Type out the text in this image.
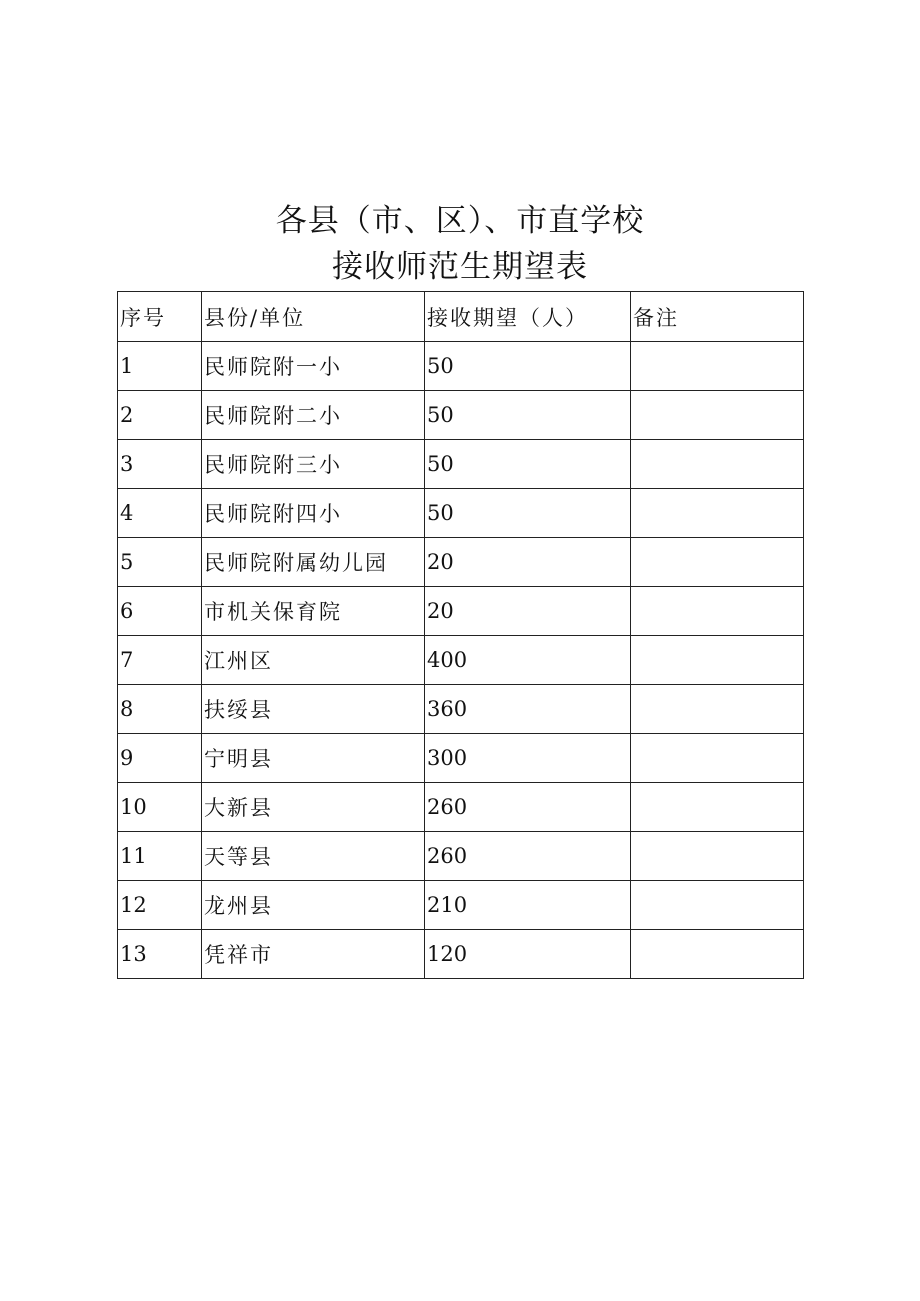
各县（市、区）、市直学校
接收师范生期望表
序号	县份/单位	接收期望（人）	备注
1	民师院附一小	50	
2	民师院附二小	50	
3	民师院附三小	50	
4	民师院附四小	50	
5	民师院附属幼儿园	20	
6	市机关保育院	20	
7	江州区	400	
8	扶绥县	360	
9	宁明县	300	
10	大新县	260	
11	天等县	260	
12	龙州县	210	
13	凭祥市	120	
